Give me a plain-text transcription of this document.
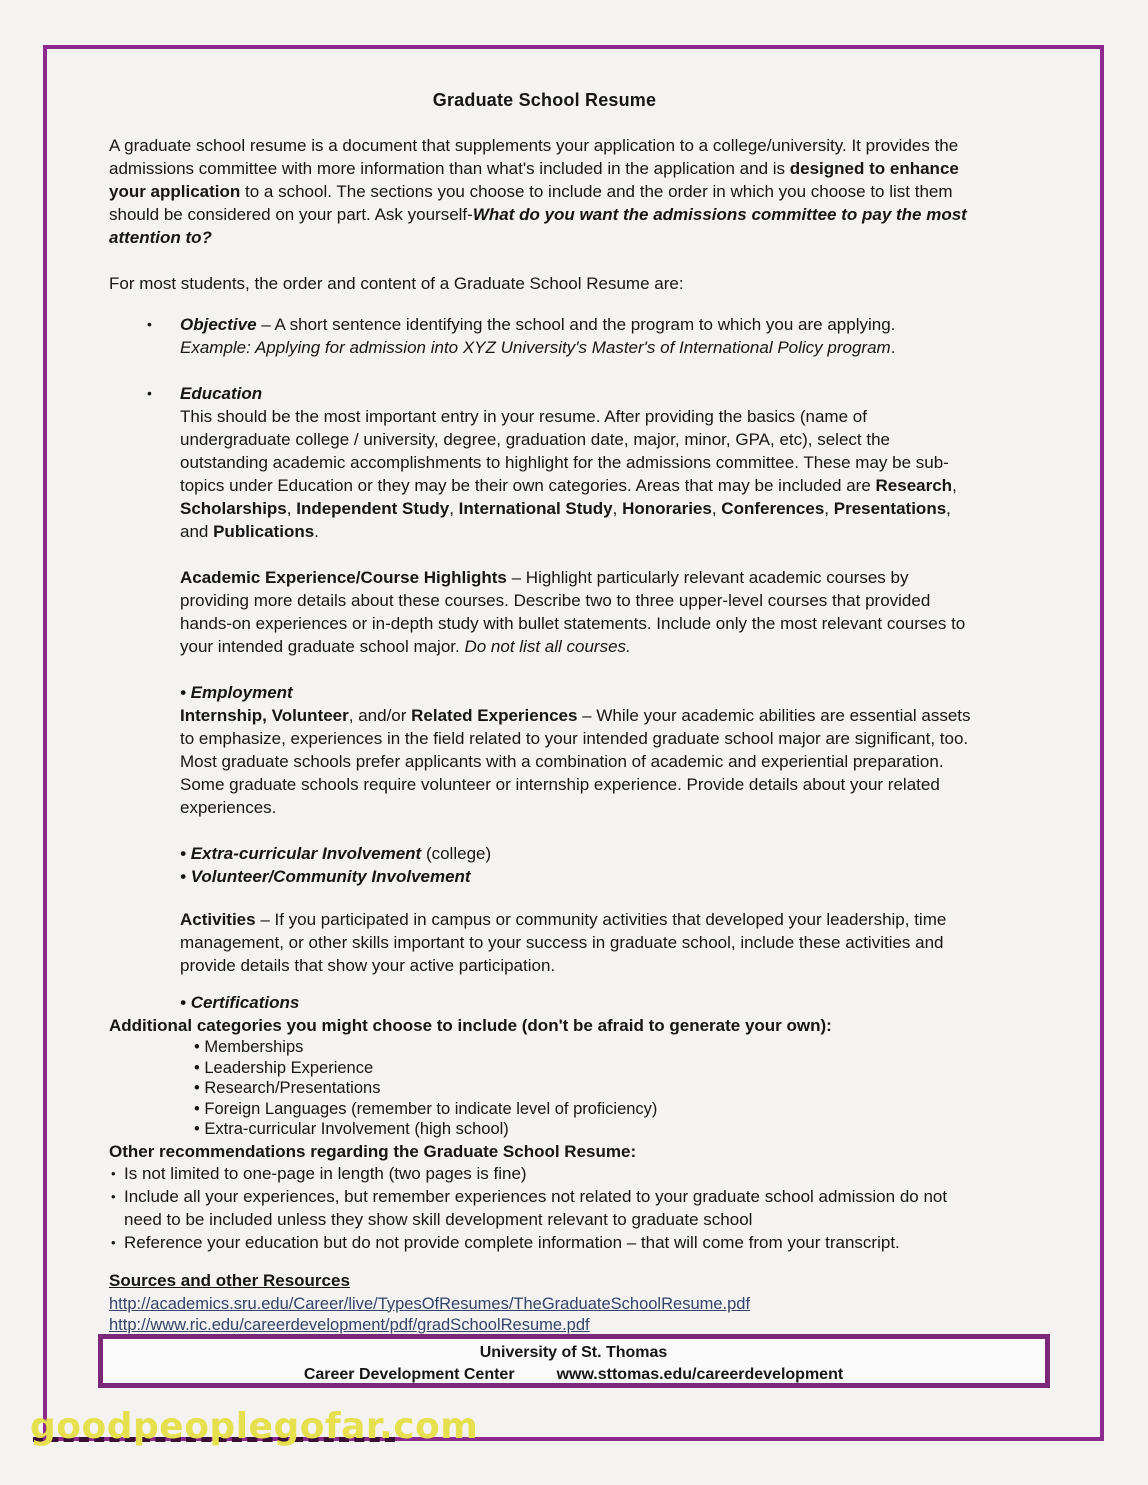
Graduate School Resume

A graduate school resume is a document that supplements your application to a college/university. It provides the admissions committee with more information than what's included in the application and is designed to enhance your application to a school. The sections you choose to include and the order in which you choose to list them should be considered on your part. Ask yourself-What do you want the admissions committee to pay the most attention to?

For most students, the order and content of a Graduate School Resume are:

• Objective – A short sentence identifying the school and the program to which you are applying.
Example: Applying for admission into XYZ University's Master's of International Policy program.
• Education

This should be the most important entry in your resume. After providing the basics (name of undergraduate college / university, degree, graduation date, major, minor, GPA, etc), select the outstanding academic accomplishments to highlight for the admissions committee. These may be sub-topics under Education or they may be their own categories. Areas that may be included are Research, Scholarships, Independent Study, International Study, Honoraries, Conferences, Presentations, and Publications.

Academic Experience/Course Highlights – Highlight particularly relevant academic courses by providing more details about these courses. Describe two to three upper-level courses that provided hands-on experiences or in-depth study with bullet statements. Include only the most relevant courses to your intended graduate school major. Do not list all courses.

• Employment

Internship, Volunteer, and/or Related Experiences – While your academic abilities are essential assets to emphasize, experiences in the field related to your intended graduate school major are significant, too. Most graduate schools prefer applicants with a combination of academic and experiential preparation. Some graduate schools require volunteer or internship experience. Provide details about your related experiences.

• Extra-curricular Involvement (college)
• Volunteer/Community Involvement

Activities – If you participated in campus or community activities that developed your leadership, time management, or other skills important to your success in graduate school, include these activities and provide details that show your active participation.

• Certifications
Additional categories you might choose to include (don't be afraid to generate your own):
• Memberships
• Leadership Experience
• Research/Presentations
• Foreign Languages (remember to indicate level of proficiency)
• Extra-curricular Involvement (high school)
Other recommendations regarding the Graduate School Resume:
• Is not limited to one-page in length (two pages is fine)
• Include all your experiences, but remember experiences not related to your graduate school admission do not need to be included unless they show skill development relevant to graduate school
• Reference your education but do not provide complete information – that will come from your transcript.
Sources and other Resources
http://academics.sru.edu/Career/live/TypesOfResumes/TheGraduateSchoolResume.pdf
http://www.ric.edu/careerdevelopment/pdf/gradSchoolResume.pdf
University of St. Thomas
Career Development Center	www.sttomas.edu/careerdevelopment
goodpeoplegofar.com
